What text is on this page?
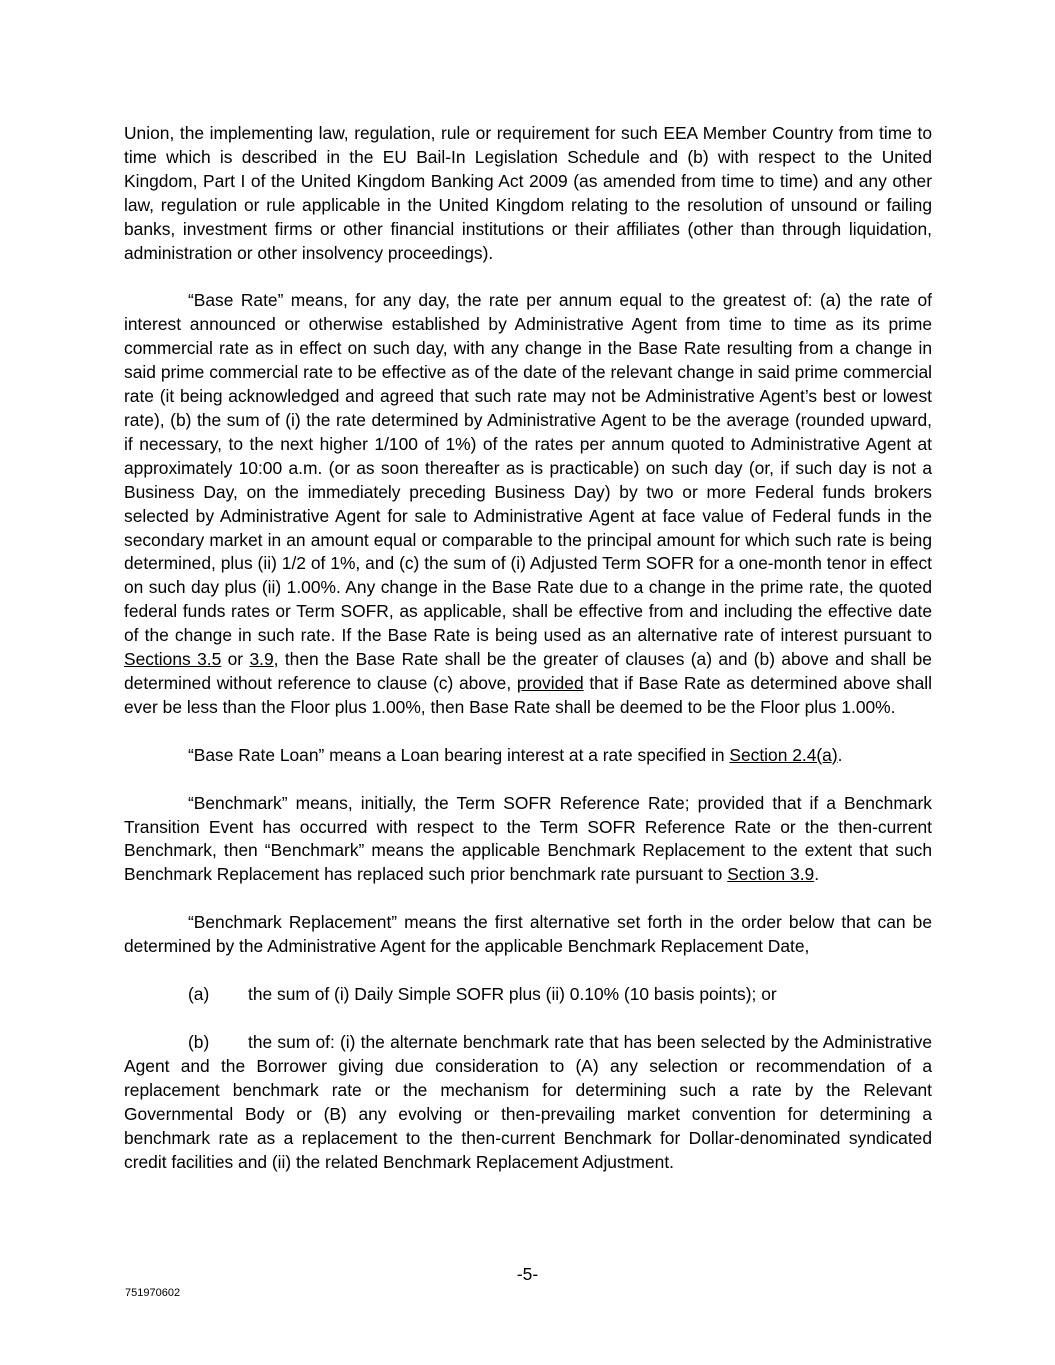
Union, the implementing law, regulation, rule or requirement for such EEA Member Country from time to time which is described in the EU Bail-In Legislation Schedule and (b) with respect to the United Kingdom, Part I of the United Kingdom Banking Act 2009 (as amended from time to time) and any other law, regulation or rule applicable in the United Kingdom relating to the resolution of unsound or failing banks, investment firms or other financial institutions or their affiliates (other than through liquidation, administration or other insolvency proceedings).

“Base Rate” means, for any day, the rate per annum equal to the greatest of: (a) the rate of interest announced or otherwise established by Administrative Agent from time to time as its prime commercial rate as in effect on such day, with any change in the Base Rate resulting from a change in said prime commercial rate to be effective as of the date of the relevant change in said prime commercial rate (it being acknowledged and agreed that such rate may not be Administrative Agent’s best or lowest rate), (b) the sum of (i) the rate determined by Administrative Agent to be the average (rounded upward, if necessary, to the next higher 1/100 of 1%) of the rates per annum quoted to Administrative Agent at approximately 10:00 a.m. (or as soon thereafter as is practicable) on such day (or, if such day is not a Business Day, on the immediately preceding Business Day) by two or more Federal funds brokers selected by Administrative Agent for sale to Administrative Agent at face value of Federal funds in the secondary market in an amount equal or comparable to the principal amount for which such rate is being determined, plus (ii) 1/2 of 1%, and (c) the sum of (i) Adjusted Term SOFR for a one-month tenor in effect on such day plus (ii) 1.00%. Any change in the Base Rate due to a change in the prime rate, the quoted federal funds rates or Term SOFR, as applicable, shall be effective from and including the effective date of the change in such rate. If the Base Rate is being used as an alternative rate of interest pursuant to Sections 3.5 or 3.9, then the Base Rate shall be the greater of clauses (a) and (b) above and shall be determined without reference to clause (c) above, provided that if Base Rate as determined above shall ever be less than the Floor plus 1.00%, then Base Rate shall be deemed to be the Floor plus 1.00%.

“Base Rate Loan” means a Loan bearing interest at a rate specified in Section 2.4(a).

“Benchmark” means, initially, the Term SOFR Reference Rate; provided that if a Benchmark Transition Event has occurred with respect to the Term SOFR Reference Rate or the then-current Benchmark, then “Benchmark” means the applicable Benchmark Replacement to the extent that such Benchmark Replacement has replaced such prior benchmark rate pursuant to Section 3.9.

“Benchmark Replacement” means the first alternative set forth in the order below that can be determined by the Administrative Agent for the applicable Benchmark Replacement Date,

(a) the sum of (i) Daily Simple SOFR plus (ii) 0.10% (10 basis points); or

(b) the sum of: (i) the alternate benchmark rate that has been selected by the Administrative Agent and the Borrower giving due consideration to (A) any selection or recommendation of a replacement benchmark rate or the mechanism for determining such a rate by the Relevant Governmental Body or (B) any evolving or then-prevailing market convention for determining a benchmark rate as a replacement to the then-current Benchmark for Dollar-denominated syndicated credit facilities and (ii) the related Benchmark Replacement Adjustment.

-5-
751970602
